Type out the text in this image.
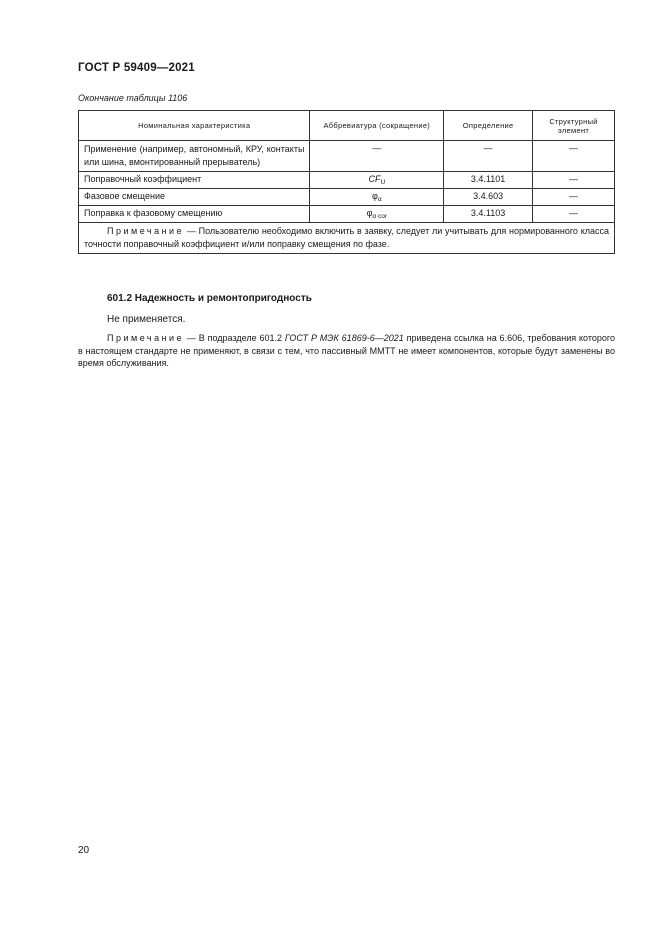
ГОСТ Р 59409—2021
Окончание таблицы 1106
Номинальная характеристика	Аббревиатура (сокращение)	Определение	Структурный элемент
Применение (например, автономный, КРУ, контакты или шина, вмонтированный прерыватель)	—	—	—
Поправочный коэффициент	$CF_U$	3.4.1101	—
Фазовое смещение	$\varphi_\alpha$	3.4.603	—
Поправка к фазовому смещению	$\varphi_{\alpha cor}$	3.4.1103	—
Примечание — Пользователю необходимо включить в заявку, следует ли учитывать для нормированного класса точности поправочный коэффициент и/или поправку смещения по фазе.			
601.2 Надежность и ремонтопригодность
Не применяется.
Примечание — В подразделе 601.2 ГОСТ Р МЭК 61869-6—2021 приведена ссылка на 6.606, требования которого в настоящем стандарте не применяют, в связи с тем, что пассивный ММТТ не имеет компонентов, которые будут заменены во время обслуживания.
20
